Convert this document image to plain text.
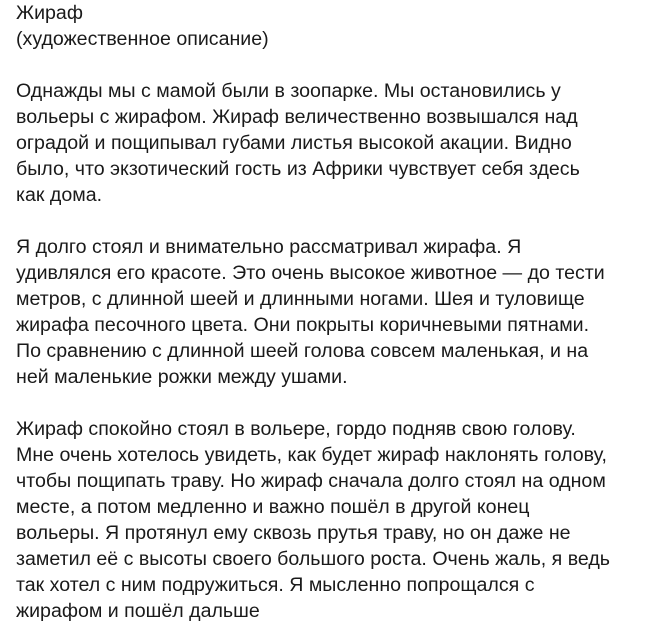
Жираф
(художественное описание)
Однажды мы с мамой были в зоопарке. Мы остановились у
вольеры с жирафом. Жираф величественно возвышался над
оградой и пощипывал губами листья высокой акации. Видно
было, что экзотический гость из Африки чувствует себя здесь
как дома.
Я долго стоял и внимательно рассматривал жирафа. Я
удивлялся его красоте. Это очень высокое животное — до тести
метров, с длинной шеей и длинными ногами. Шея и туловище
жирафа песочного цвета. Они покрыты коричневыми пятнами.
По сравнению с длинной шеей голова совсем маленькая, и на
ней маленькие рожки между ушами.
Жираф спокойно стоял в вольере, гордо подняв свою голову.
Мне очень хотелось увидеть, как будет жираф наклонять голову,
чтобы пощипать траву. Но жираф сначала долго стоял на одном
месте, а потом медленно и важно пошёл в другой конец
вольеры. Я протянул ему сквозь прутья траву, но он даже не
заметил её с высоты своего большого роста. Очень жаль, я ведь
так хотел с ним подружиться. Я мысленно попрощался с
жирафом и пошёл дальше
